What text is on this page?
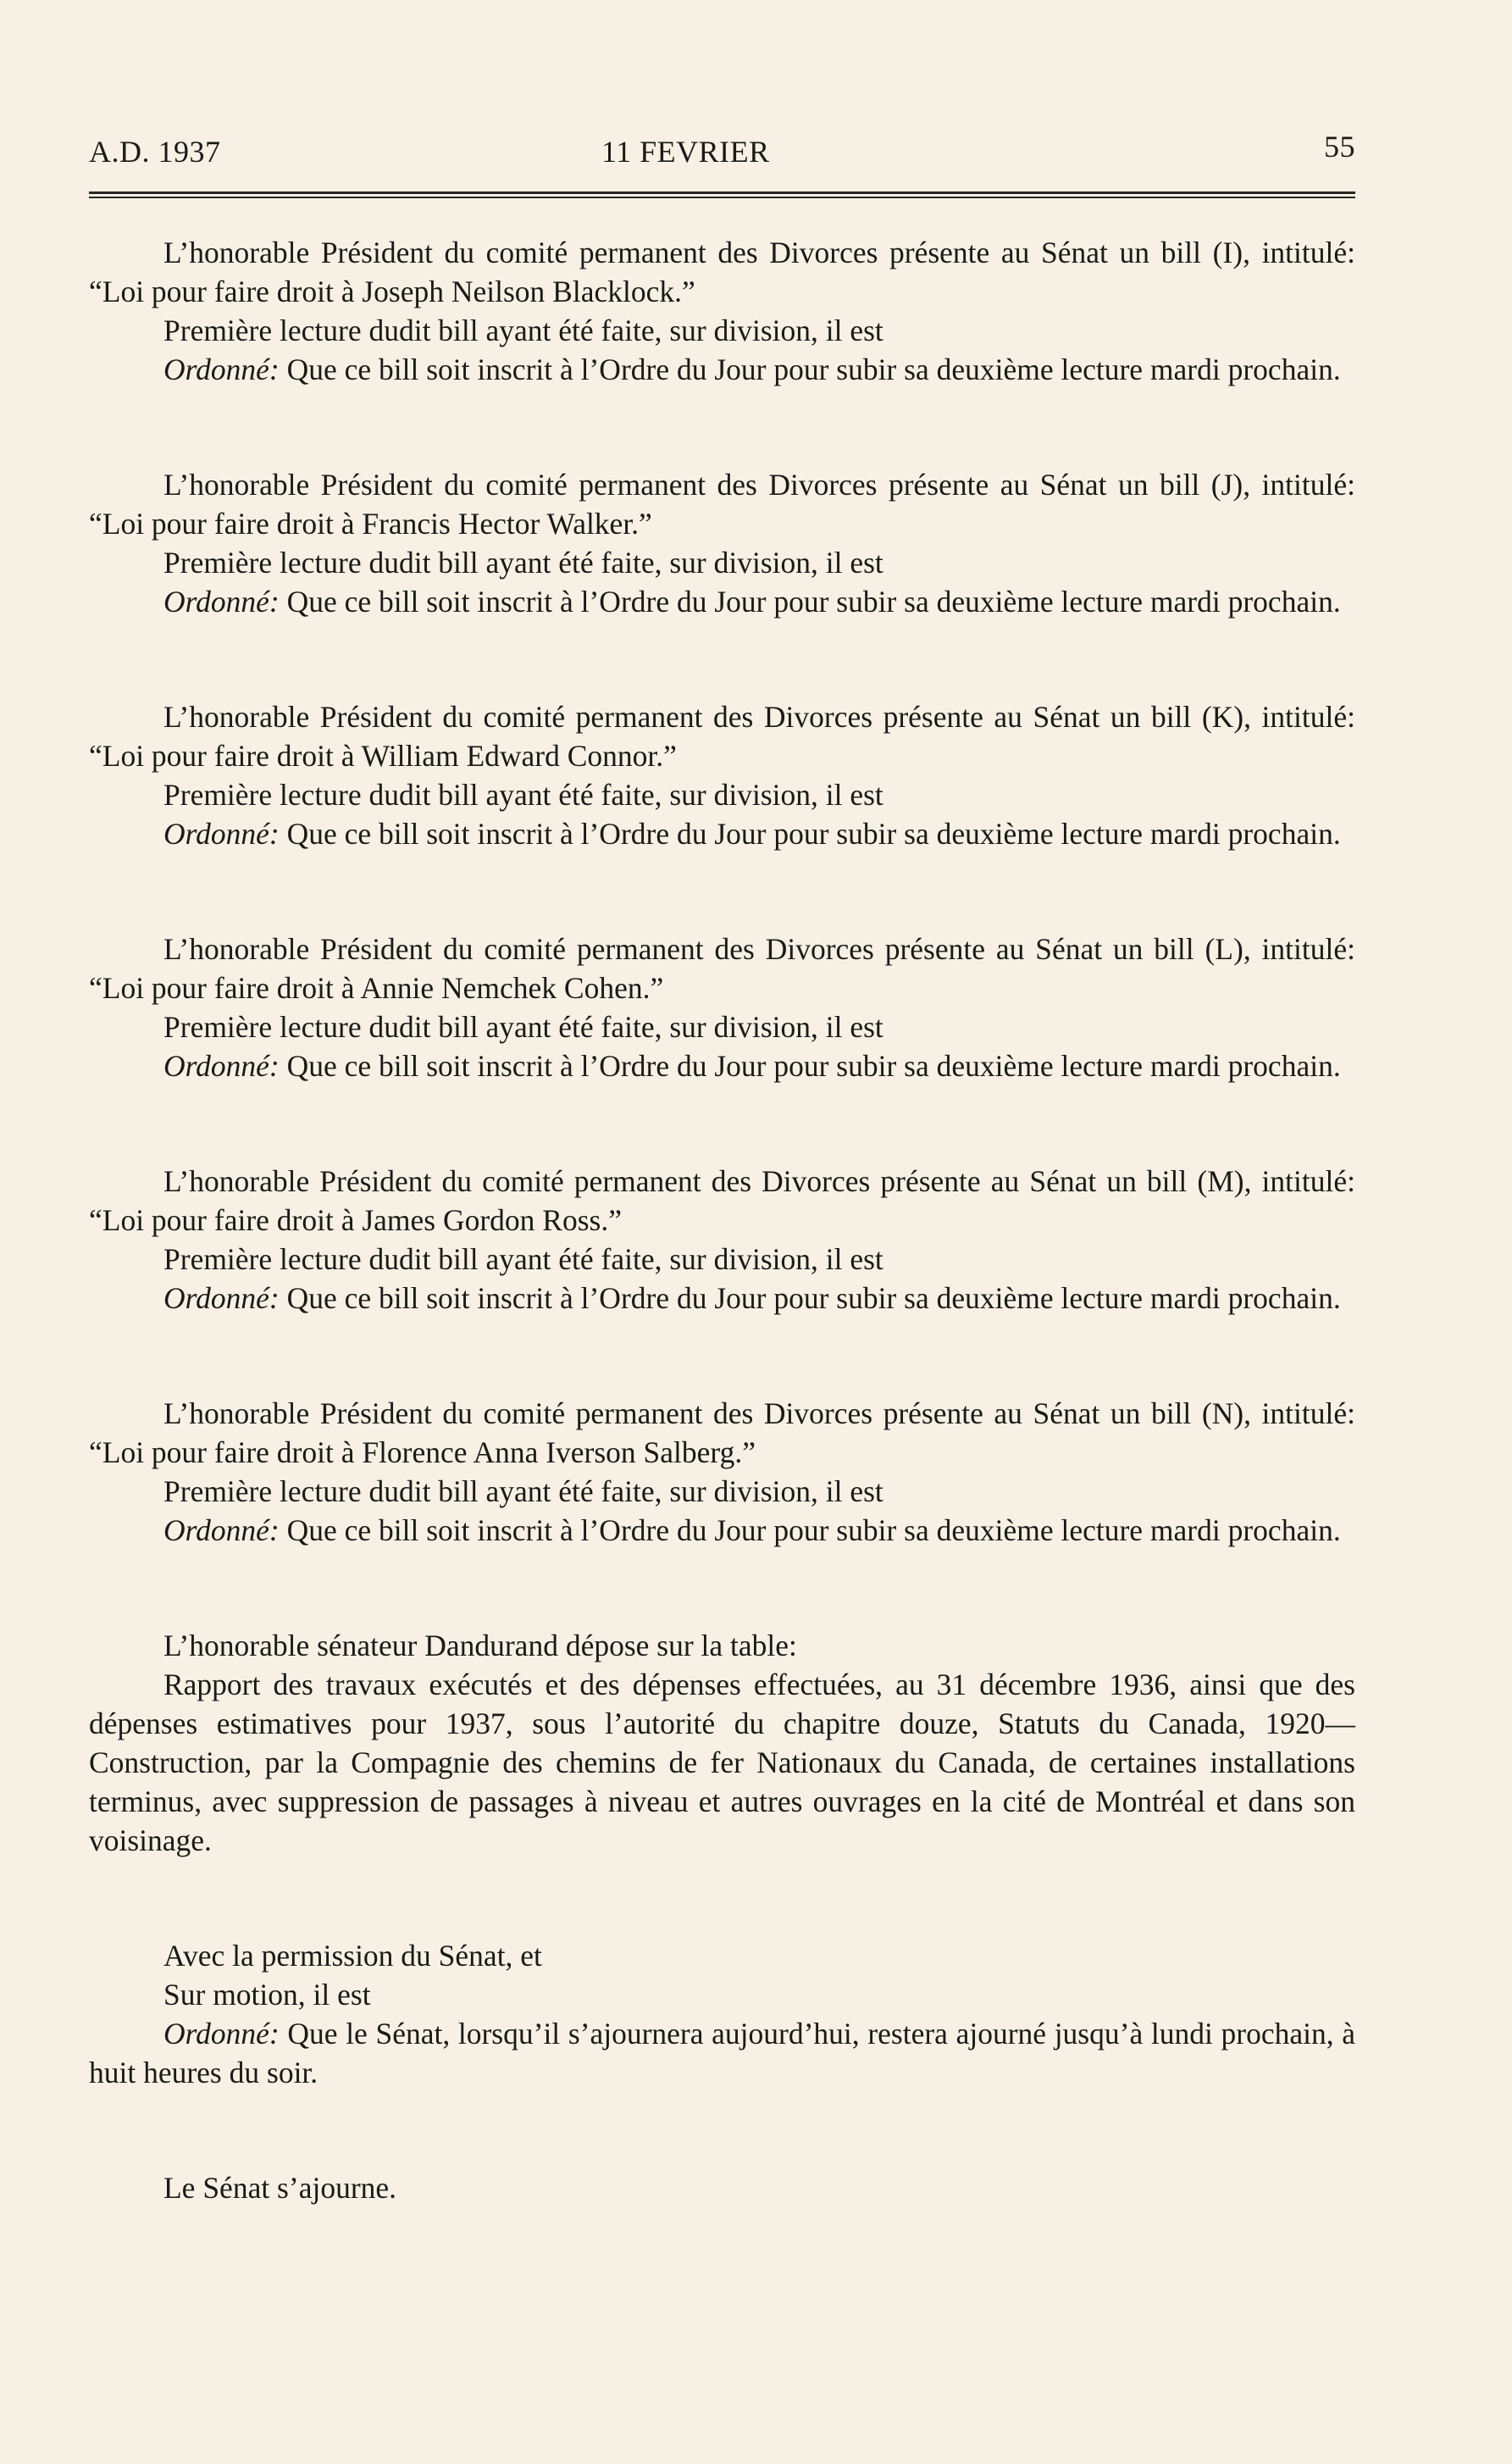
A.D. 1937	11 FEVRIER	55

L’honorable Président du comité permanent des Divorces présente au Sénat un bill (I), intitulé: “Loi pour faire droit à Joseph Neilson Blacklock.”

Première lecture dudit bill ayant été faite, sur division, il est

Ordonné: Que ce bill soit inscrit à l’Ordre du Jour pour subir sa deuxième lecture mardi prochain.

L’honorable Président du comité permanent des Divorces présente au Sénat un bill (J), intitulé: “Loi pour faire droit à Francis Hector Walker.”

Première lecture dudit bill ayant été faite, sur division, il est

Ordonné: Que ce bill soit inscrit à l’Ordre du Jour pour subir sa deuxième lecture mardi prochain.

L’honorable Président du comité permanent des Divorces présente au Sénat un bill (K), intitulé: “Loi pour faire droit à William Edward Connor.”

Première lecture dudit bill ayant été faite, sur division, il est

Ordonné: Que ce bill soit inscrit à l’Ordre du Jour pour subir sa deuxième lecture mardi prochain.

L’honorable Président du comité permanent des Divorces présente au Sénat un bill (L), intitulé: “Loi pour faire droit à Annie Nemchek Cohen.”

Première lecture dudit bill ayant été faite, sur division, il est

Ordonné: Que ce bill soit inscrit à l’Ordre du Jour pour subir sa deuxième lecture mardi prochain.

L’honorable Président du comité permanent des Divorces présente au Sénat un bill (M), intitulé: “Loi pour faire droit à James Gordon Ross.”

Première lecture dudit bill ayant été faite, sur division, il est

Ordonné: Que ce bill soit inscrit à l’Ordre du Jour pour subir sa deuxième lecture mardi prochain.

L’honorable Président du comité permanent des Divorces présente au Sénat un bill (N), intitulé: “Loi pour faire droit à Florence Anna Iverson Salberg.”

Première lecture dudit bill ayant été faite, sur division, il est

Ordonné: Que ce bill soit inscrit à l’Ordre du Jour pour subir sa deuxième lecture mardi prochain.

L’honorable sénateur Dandurand dépose sur la table:

Rapport des travaux exécutés et des dépenses effectuées, au 31 décembre 1936, ainsi que des dépenses estimatives pour 1937, sous l’autorité du chapitre douze, Statuts du Canada, 1920—Construction, par la Compagnie des chemins de fer Nationaux du Canada, de certaines installations terminus, avec suppression de passages à niveau et autres ouvrages en la cité de Montréal et dans son voisinage.

Avec la permission du Sénat, et

Sur motion, il est

Ordonné: Que le Sénat, lorsqu’il s’ajournera aujourd’hui, restera ajourné jusqu’à lundi prochain, à huit heures du soir.

Le Sénat s’ajourne.
